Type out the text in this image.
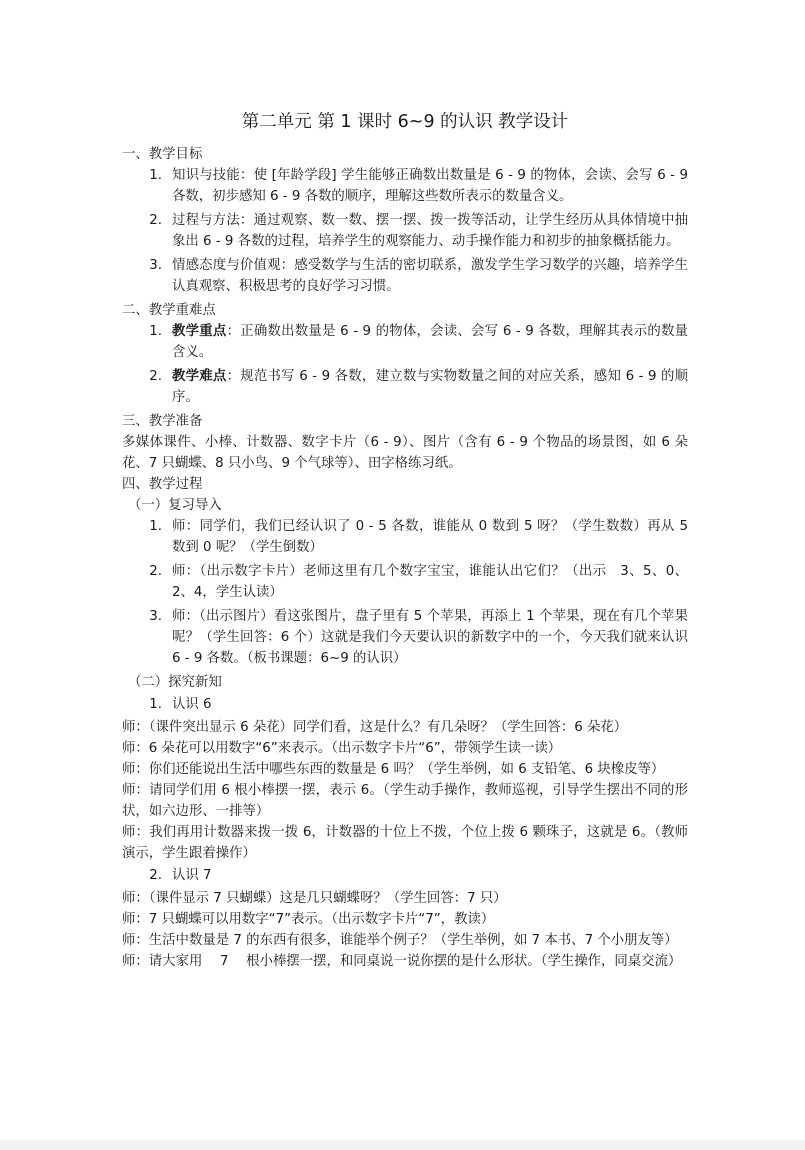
第二单元 第 1 课时 6~9 的认识 教学设计
一、教学目标
1. 知识与技能：使 [年龄学段] 学生能够正确数出数量是 6 - 9 的物体，会读、会写 6 - 9 各数，初步感知 6 - 9 各数的顺序，理解这些数所表示的数量含义。
2. 过程与方法：通过观察、数一数、摆一摆、拨一拨等活动，让学生经历从具体情境中抽象出 6 - 9 各数的过程，培养学生的观察能力、动手操作能力和初步的抽象概括能力。
3. 情感态度与价值观：感受数学与生活的密切联系，激发学生学习数学的兴趣，培养学生认真观察、积极思考的良好学习习惯。
二、教学重难点
1. 教学重点：正确数出数量是 6 - 9 的物体，会读、会写 6 - 9 各数，理解其表示的数量含义。
2. 教学难点：规范书写 6 - 9 各数，建立数与实物数量之间的对应关系，感知 6 - 9 的顺序。
三、教学准备

多媒体课件、小棒、计数器、数字卡片（6 - 9）、图片（含有 6 - 9 个物品的场景图，如 6 朵花、7 只蝴蝶、8 只小鸟、9 个气球等）、田字格练习纸。

四、教学过程
（一）复习导入
1. 师：同学们，我们已经认识了 0 - 5 各数，谁能从 0 数到 5 呀？（学生数数）再从 5 数到 0 呢？（学生倒数）
2. 师：（出示数字卡片）老师这里有几个数字宝宝，谁能认出它们？（出示　3、5、0、2、4，学生认读）
3. 师：（出示图片）看这张图片，盘子里有 5 个苹果，再添上 1 个苹果，现在有几个苹果呢？（学生回答：6 个）这就是我们今天要认识的新数字中的一个，今天我们就来认识 6 - 9 各数。（板书课题：6~9 的认识）
（二）探究新知
1. 认识 6

师：（课件突出显示 6 朵花）同学们看，这是什么？有几朵呀？（学生回答：6 朵花）

师：6 朵花可以用数字“6”来表示。（出示数字卡片“6”，带领学生读一读）

师：你们还能说出生活中哪些东西的数量是 6 吗？（学生举例，如 6 支铅笔、6 块橡皮等）

师：请同学们用 6 根小棒摆一摆，表示 6。（学生动手操作，教师巡视，引导学生摆出不同的形状，如六边形、一排等）

师：我们再用计数器来拨一拨 6，计数器的十位上不拨，个位上拨 6 颗珠子，这就是 6。（教师演示，学生跟着操作）

2. 认识 7

师：（课件显示 7 只蝴蝶）这是几只蝴蝶呀？（学生回答：7 只）

师：7 只蝴蝶可以用数字“7”表示。（出示数字卡片“7”，教读）

师：生活中数量是 7 的东西有很多，谁能举个例子？（学生举例，如 7 本书、7 个小朋友等）

师：请大家用　 7 　根小棒摆一摆，和同桌说一说你摆的是什么形状。（学生操作，同桌交流）
